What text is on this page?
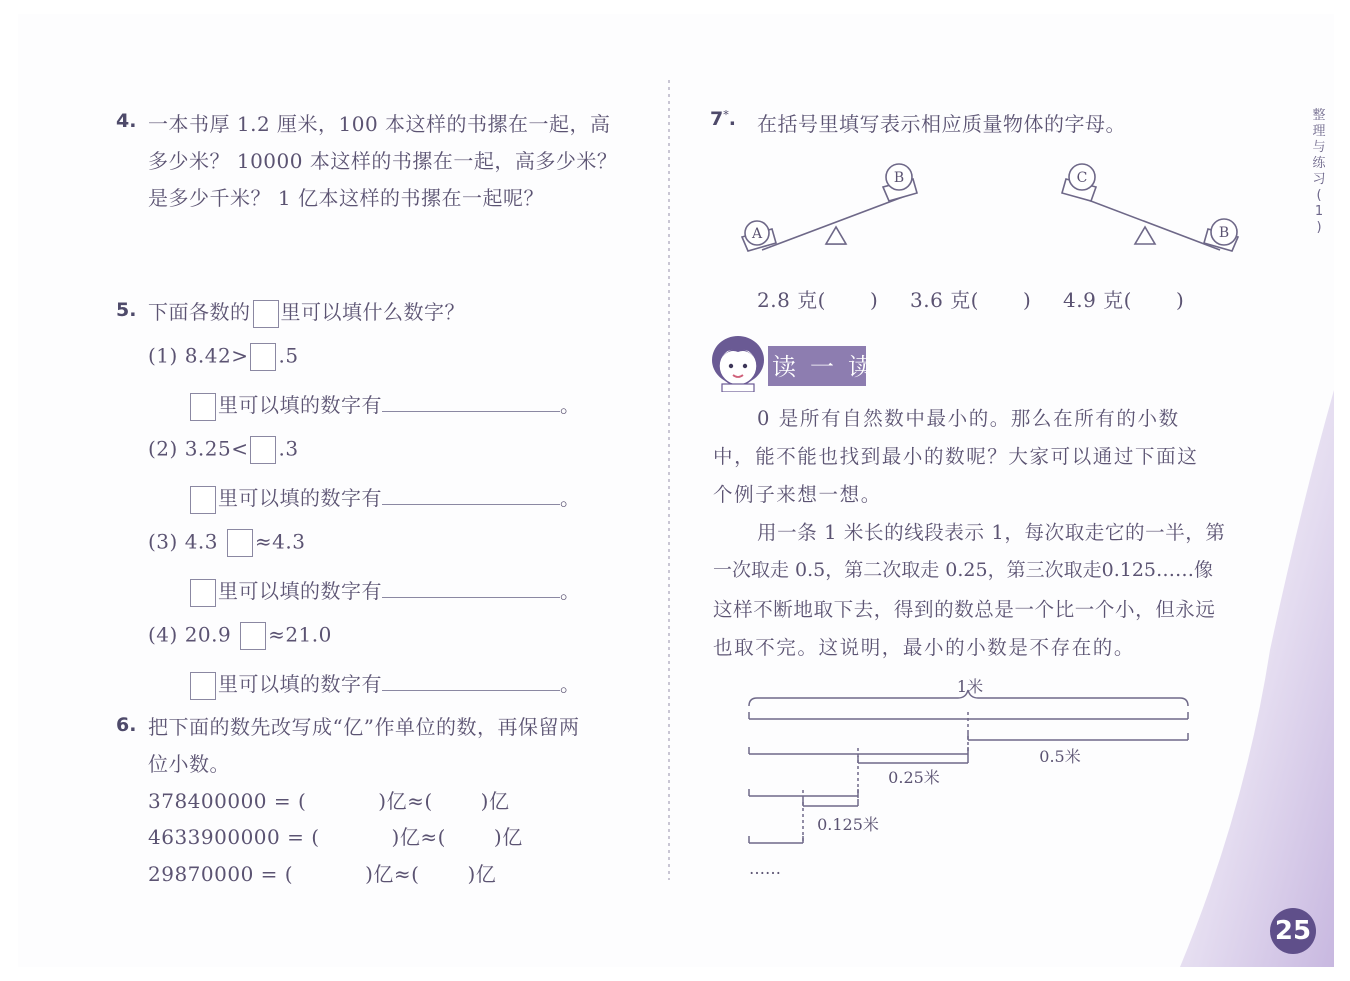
4. 一本书厚 1.2 厘米，100 本这样的书摞在一起，高
多少米？ 10000 本这样的书摞在一起，高多少米？
是多少千米？ 1 亿本这样的书摞在一起呢？
5. 下面各数的 里可以填什么数字？
(1) 8.42> .5
里可以填的数字有	。
(2) 3.25< .3
里可以填的数字有	。
(3) 4.3 ≈4.3
里可以填的数字有	。
(4) 20.9 ≈21.0
里可以填的数字有	。
6. 把下面的数先改写成“亿”作单位的数，再保留两
位小数。
378400000 = (	)亿≈( )亿
4633900000 = (	)亿≈( )亿
29870000 = (	)亿≈( )亿
7*. 在括号里填写表示相应质量物体的字母。
A
B	C
B
2.8 克( ) 3.6 克( ) 4.9 克( )
读一读
0 是所有自然数中最小的。那么在所有的小数
中，能不能也找到最小的数呢？大家可以通过下面这
个例子来想一想。
用一条 1 米长的线段表示 1，每次取走它的一半，第
一次取走 0.5，第二次取走 0.25，第三次取走0.125……像
这样不断地取下去，得到的数总是一个比一个小，但永远
也取不完。这说明，最小的小数是不存在的。
1米
0.5米
0.25米
0.125米
……
整
理
与
练
习
(
1
)
25
